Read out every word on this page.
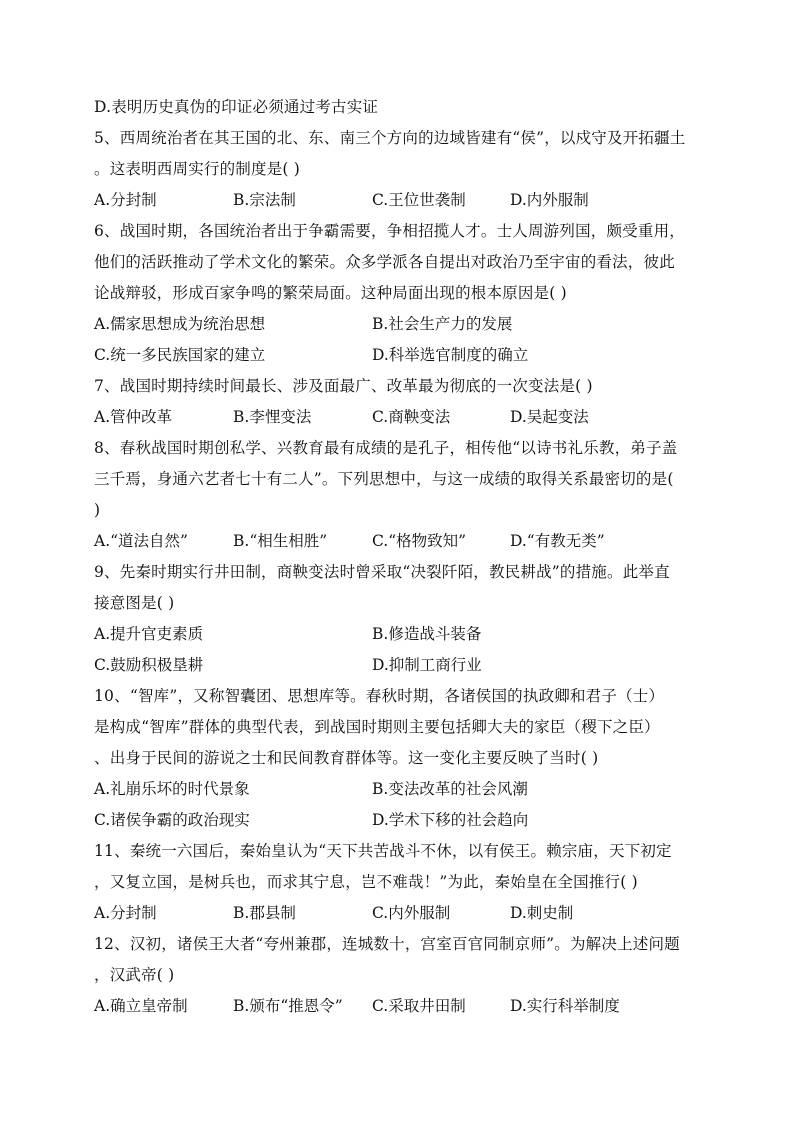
D.表明历史真伪的印证必须通过考古实证
5、西周统治者在其王国的北、东、南三个方向的边域皆建有“侯”，以戍守及开拓疆土
。这表明西周实行的制度是( )
A.分封制	B.宗法制	C.王位世袭制	D.内外服制
6、战国时期，各国统治者出于争霸需要，争相招揽人才。士人周游列国，颇受重用，
他们的活跃推动了学术文化的繁荣。众多学派各自提出对政治乃至宇宙的看法，彼此
论战辩驳，形成百家争鸣的繁荣局面。这种局面出现的根本原因是( )
A.儒家思想成为统治思想	B.社会生产力的发展
C.统一多民族国家的建立	D.科举选官制度的确立
7、战国时期持续时间最长、涉及面最广、改革最为彻底的一次变法是( )
A.管仲改革	B.李悝变法	C.商鞅变法	D.吴起变法
8、春秋战国时期创私学、兴教育最有成绩的是孔子，相传他“以诗书礼乐教，弟子盖
三千焉，身通六艺者七十有二人”。下列思想中，与这一成绩的取得关系最密切的是(
)
A.“道法自然”	B.“相生相胜”	C.“格物致知”	D.“有教无类”
9、先秦时期实行井田制，商鞅变法时曾采取“决裂阡陌，教民耕战”的措施。此举直
接意图是( )
A.提升官吏素质	B.修造战斗装备
C.鼓励积极垦耕	D.抑制工商行业
10、“智库”，又称智囊团、思想库等。春秋时期，各诸侯国的执政卿和君子（士）
是构成“智库”群体的典型代表，到战国时期则主要包括卿大夫的家臣（稷下之臣）
、出身于民间的游说之士和民间教育群体等。这一变化主要反映了当时( )
A.礼崩乐坏的时代景象	B.变法改革的社会风潮
C.诸侯争霸的政治现实	D.学术下移的社会趋向
11、秦统一六国后，秦始皇认为“天下共苦战斗不休，以有侯王。赖宗庙，天下初定
，又复立国，是树兵也，而求其宁息，岂不难哉！”为此，秦始皇在全国推行( )
A.分封制	B.郡县制	C.内外服制	D.刺史制
12、汉初，诸侯王大者“夸州兼郡，连城数十，宫室百官同制京师”。为解决上述问题
，汉武帝( )
A.确立皇帝制	B.颁布“推恩令” C.采取井田制	D.实行科举制度
